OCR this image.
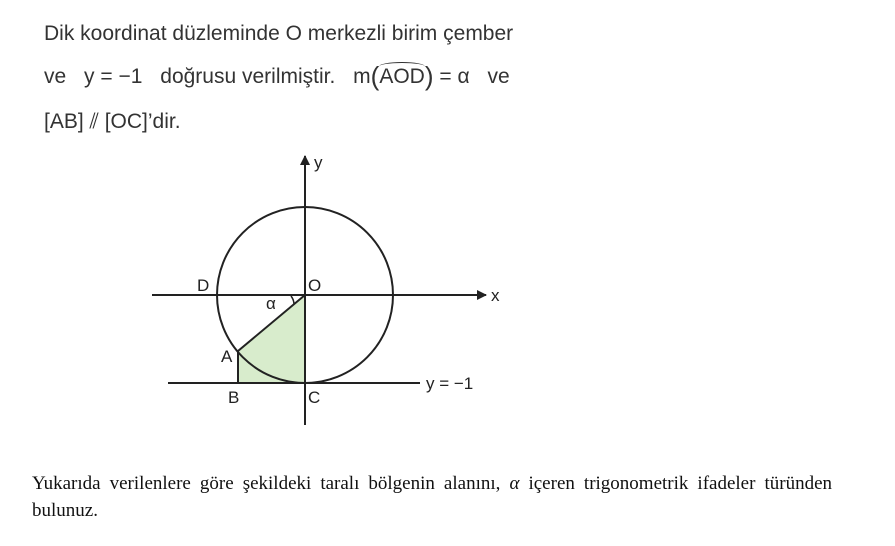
Dik koordinat düzleminde O merkezli birim çember
ve y = −1 doğrusu verilmiştir. m(AOD) = α ve
[AB] ⫽ [OC]’dir.
y
x
D	O
α
A
B	C
y = −1
Yukarıda verilenlere göre şekildeki taralı bölgenin alanını, α içeren trigonometrik ifadeler türünden bulunuz.
